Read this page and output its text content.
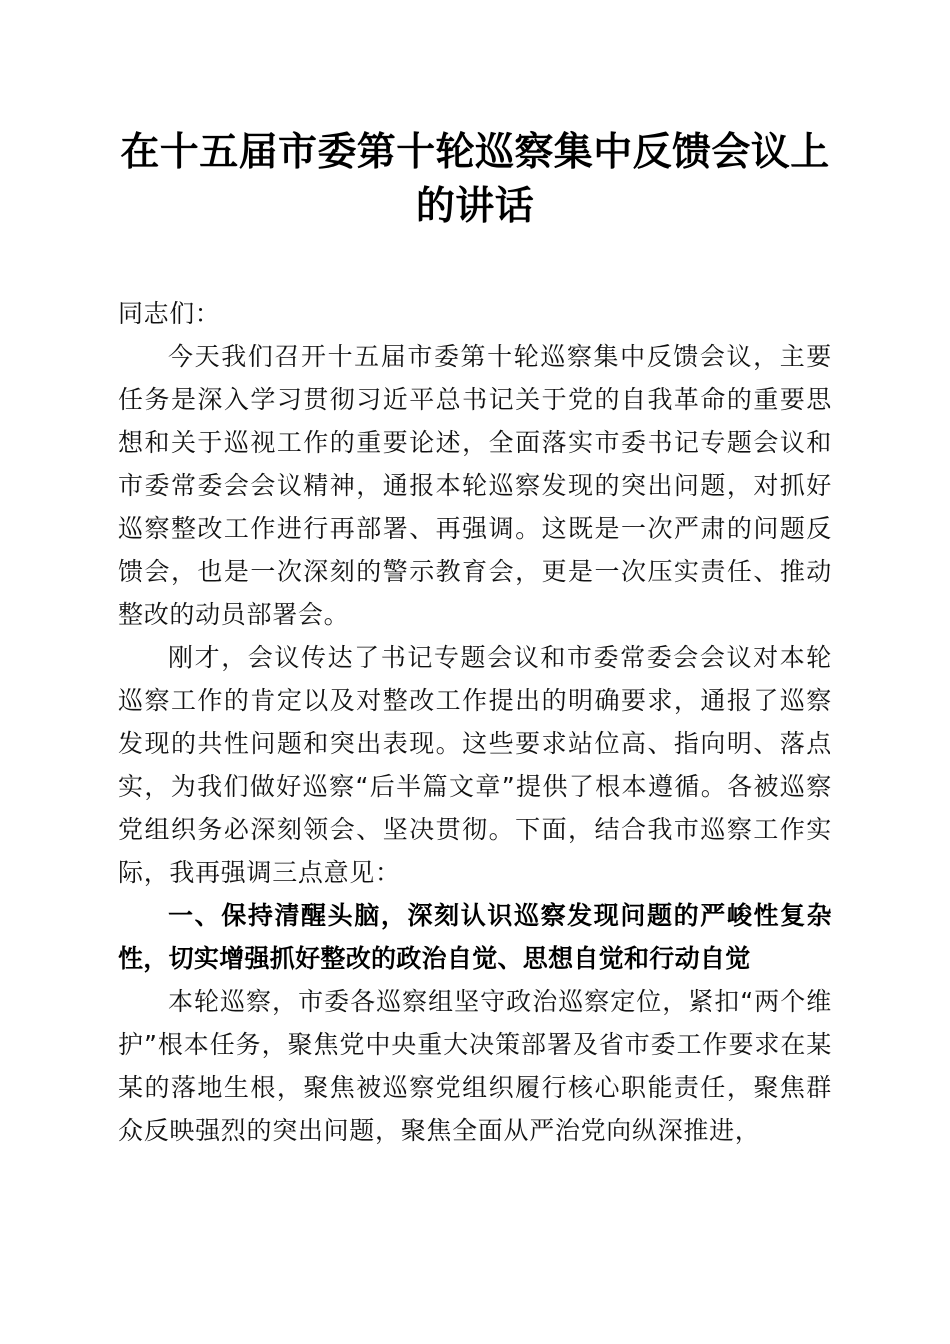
在十五届市委第十轮巡察集中反馈会议上的讲话

同志们：

今天我们召开十五届市委第十轮巡察集中反馈会议，主要任务是深入学习贯彻习近平总书记关于党的自我革命的重要思想和关于巡视工作的重要论述，全面落实市委书记专题会议和市委常委会会议精神，通报本轮巡察发现的突出问题，对抓好巡察整改工作进行再部署、再强调。这既是一次严肃的问题反馈会，也是一次深刻的警示教育会，更是一次压实责任、推动整改的动员部署会。

刚才，会议传达了书记专题会议和市委常委会会议对本轮巡察工作的肯定以及对整改工作提出的明确要求，通报了巡察发现的共性问题和突出表现。这些要求站位高、指向明、落点实，为我们做好巡察“后半篇文章”提供了根本遵循。各被巡察党组织务必深刻领会、坚决贯彻。下面，结合我市巡察工作实际，我再强调三点意见：

一、保持清醒头脑，深刻认识巡察发现问题的严峻性复杂性，切实增强抓好整改的政治自觉、思想自觉和行动自觉

本轮巡察，市委各巡察组坚守政治巡察定位，紧扣“两个维护”根本任务，聚焦党中央重大决策部署及省市委工作要求在某某的落地生根，聚焦被巡察党组织履行核心职能责任，聚焦群众反映强烈的突出问题，聚焦全面从严治党向纵深推进，
